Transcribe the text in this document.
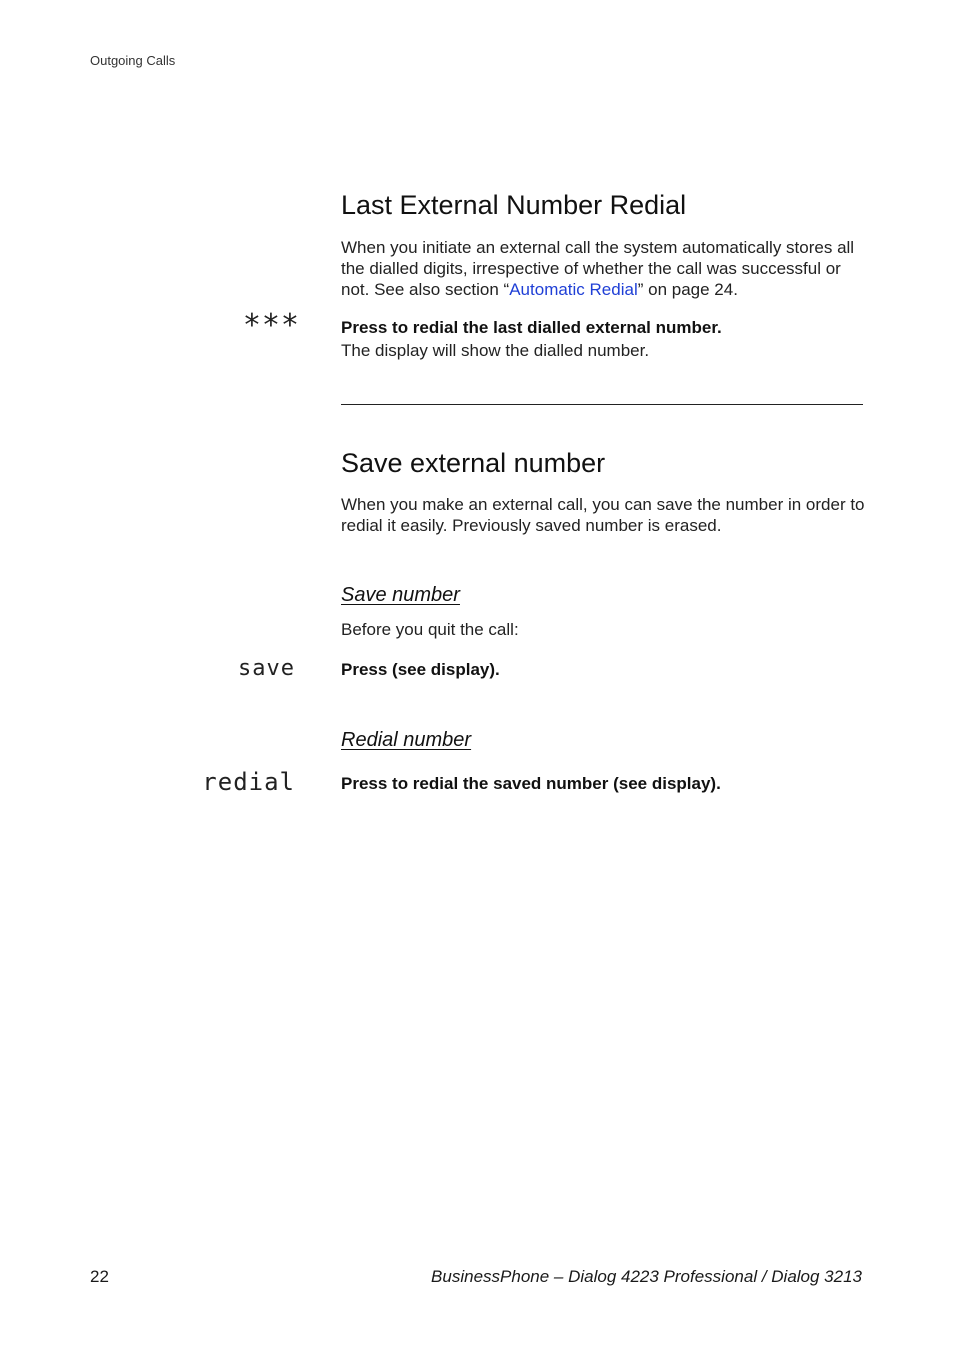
Outgoing Calls
Last External Number Redial
When you initiate an external call the system automatically stores all the dialled digits, irrespective of whether the call was successful or not. See also section “Automatic Redial” on page 24.
*** Press to redial the last dialled external number.
The display will show the dialled number.
Save external number
When you make an external call, you can save the number in order to redial it easily. Previously saved number is erased.
Save number
Before you quit the call:
save	Press (see display).
Redial number
redial	Press to redial the saved number (see display).
22	BusinessPhone – Dialog 4223 Professional / Dialog 3213
